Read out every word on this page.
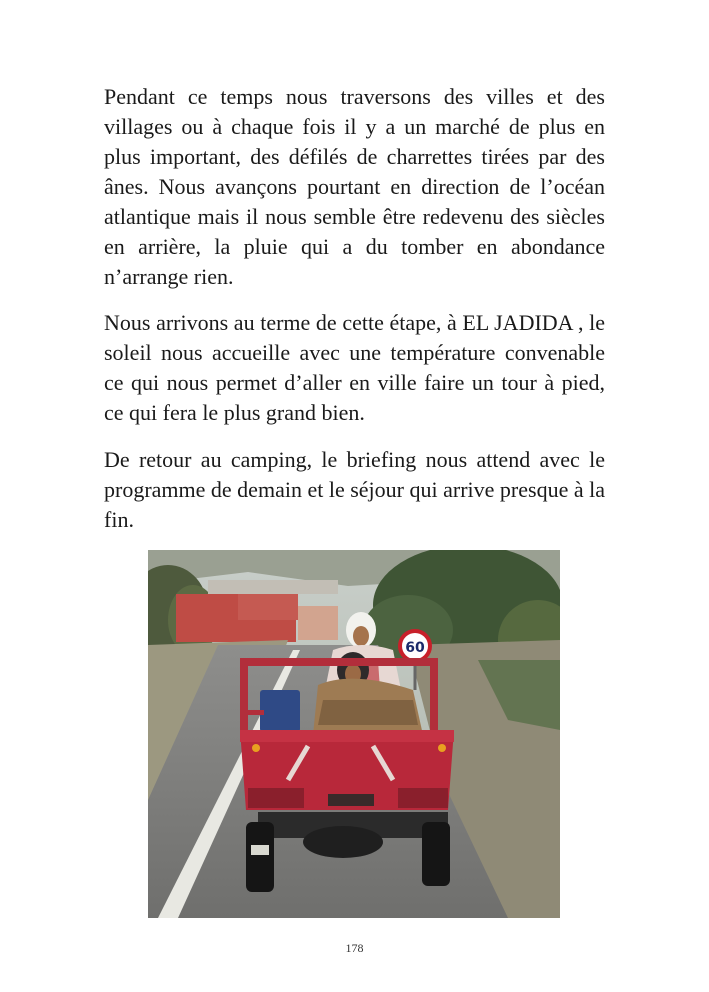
Pendant ce temps nous traversons des villes et des villages ou à chaque fois il y a un marché de plus en plus important, des défilés de charrettes tirées par des ânes. Nous avançons pourtant en direction de l’océan atlantique mais il nous semble être redevenu des siècles en arrière, la pluie qui a du tomber en abondance n’arrange rien.

Nous arrivons au terme de cette étape, à EL JADIDA , le soleil nous accueille avec une température convenable ce qui nous permet d’aller en ville faire un tour à pied, ce qui fera le plus grand bien.

De retour au camping, le briefing nous attend avec le programme de demain et le séjour qui arrive presque à la fin.

60
178
